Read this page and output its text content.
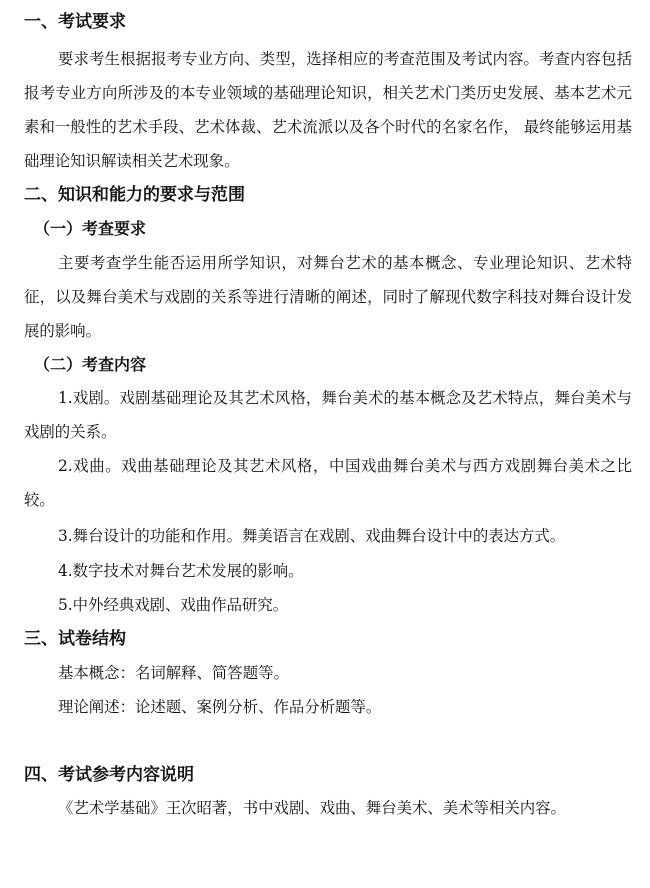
一、考试要求
要求考生根据报考专业方向、类型，选择相应的考查范围及考试内容。考查内容包括报考专业方向所涉及的本专业领域的基础理论知识，相关艺术门类历史发展、基本艺术元素和一般性的艺术手段、艺术体裁、艺术流派以及各个时代的名家名作， 最终能够运用基础理论知识解读相关艺术现象。
二、知识和能力的要求与范围
（一）考查要求
主要考查学生能否运用所学知识，对舞台艺术的基本概念、专业理论知识、艺术特征，以及舞台美术与戏剧的关系等进行清晰的阐述，同时了解现代数字科技对舞台设计发展的影响。
（二）考查内容
1.戏剧。戏剧基础理论及其艺术风格，舞台美术的基本概念及艺术特点，舞台美术与戏剧的关系。
2.戏曲。戏曲基础理论及其艺术风格，中国戏曲舞台美术与西方戏剧舞台美术之比较。
3.舞台设计的功能和作用。舞美语言在戏剧、戏曲舞台设计中的表达方式。
4.数字技术对舞台艺术发展的影响。
5.中外经典戏剧、戏曲作品研究。
三、试卷结构
基本概念：名词解释、简答题等。
理论阐述：论述题、案例分析、作品分析题等。
四、考试参考内容说明
《艺术学基础》王次昭著，书中戏剧、戏曲、舞台美术、美术等相关内容。
